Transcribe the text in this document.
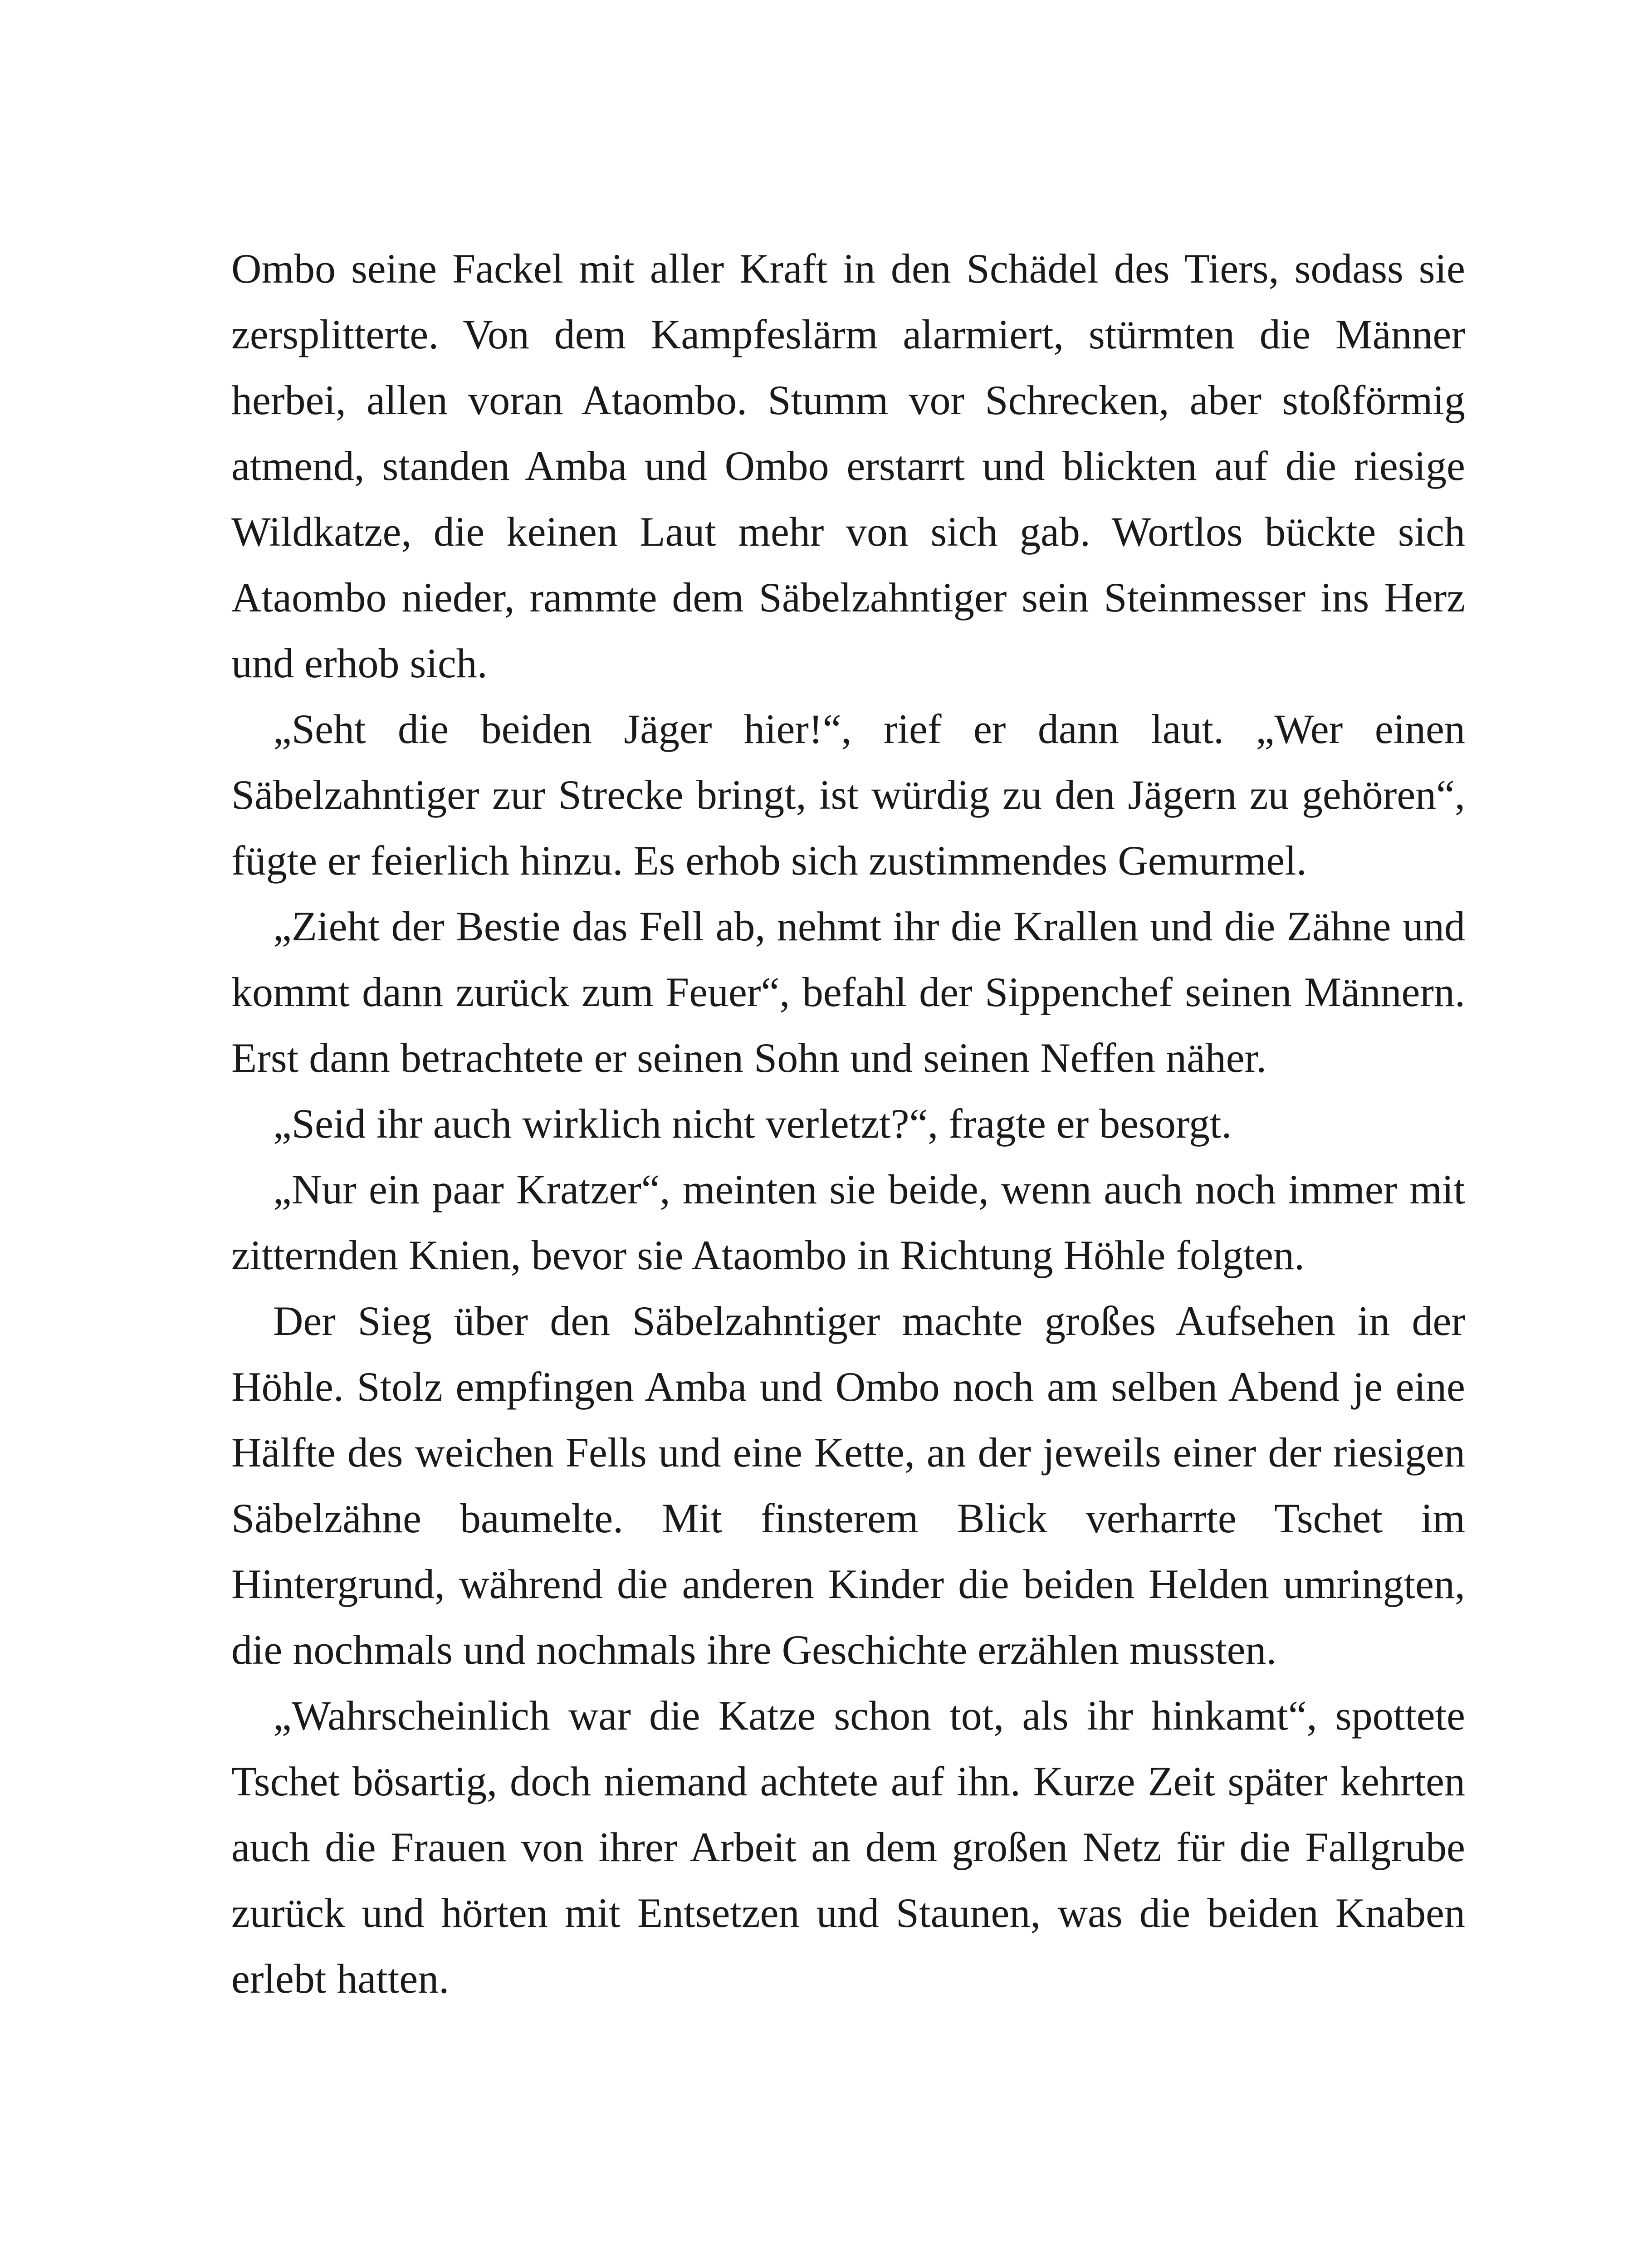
Ombo seine Fackel mit aller Kraft in den Schädel des Tiers, sodass sie zersplitterte. Von dem Kampfeslärm alarmiert, stürmten die Männer herbei, allen voran Ataombo. Stumm vor Schrecken, aber stoßförmig atmend, standen Amba und Ombo erstarrt und blickten auf die riesige Wildkatze, die keinen Laut mehr von sich gab. Wortlos bückte sich Ataombo nieder, rammte dem Säbelzahntiger sein Steinmesser ins Herz und erhob sich.

„Seht die beiden Jäger hier!“, rief er dann laut. „Wer einen Säbelzahntiger zur Strecke bringt, ist würdig zu den Jägern zu gehören“, fügte er feierlich hinzu. Es erhob sich zustimmendes Gemurmel.

„Zieht der Bestie das Fell ab, nehmt ihr die Krallen und die Zähne und kommt dann zurück zum Feuer“, befahl der Sippenchef seinen Männern. Erst dann betrachtete er seinen Sohn und seinen Neffen näher.

„Seid ihr auch wirklich nicht verletzt?“, fragte er besorgt.

„Nur ein paar Kratzer“, meinten sie beide, wenn auch noch immer mit zitternden Knien, bevor sie Ataombo in Richtung Höhle folgten.

Der Sieg über den Säbelzahntiger machte großes Aufsehen in der Höhle. Stolz empfingen Amba und Ombo noch am selben Abend je eine Hälfte des weichen Fells und eine Kette, an der jeweils einer der riesigen Säbelzähne baumelte. Mit finsterem Blick verharrte Tschet im Hintergrund, während die anderen Kinder die beiden Helden umringten, die nochmals und nochmals ihre Geschichte erzählen mussten.

„Wahrscheinlich war die Katze schon tot, als ihr hinkamt“, spottete Tschet bösartig, doch niemand achtete auf ihn. Kurze Zeit später kehrten auch die Frauen von ihrer Arbeit an dem großen Netz für die Fallgrube zurück und hörten mit Entsetzen und Staunen, was die beiden Knaben erlebt hatten.
